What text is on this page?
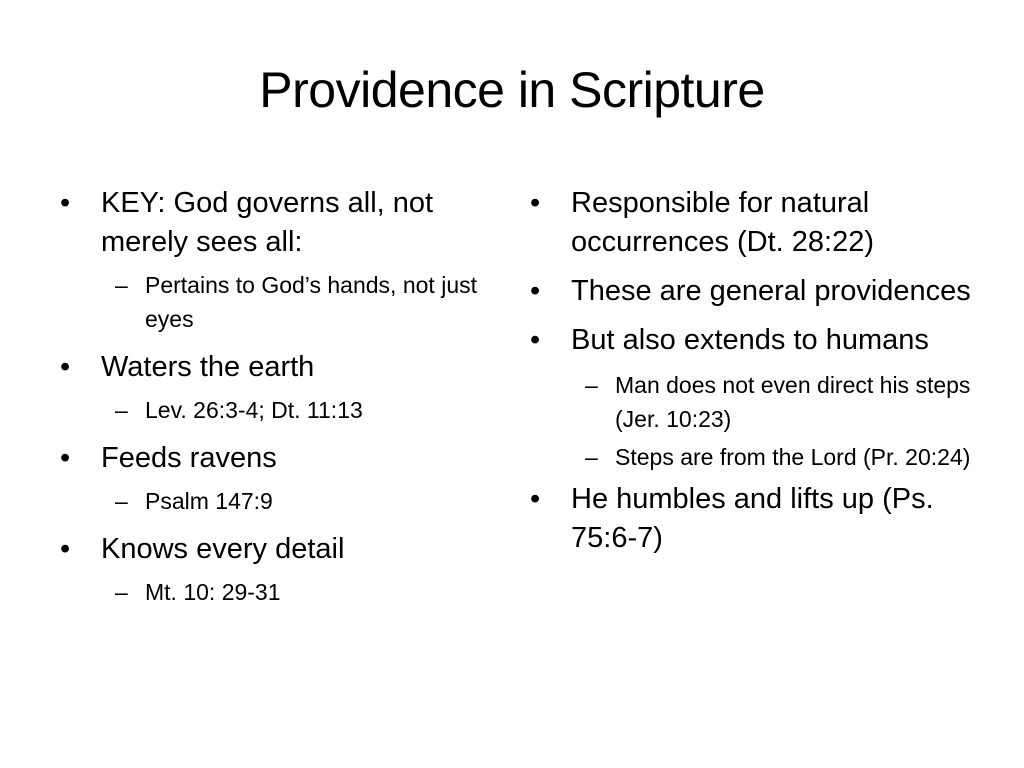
Providence in Scripture
•	KEY: God governs all, not merely sees all:
– Pertains to God’s hands, not just eyes
•	Waters the earth
– Lev. 26:3-4; Dt. 11:13
•	Feeds ravens
– Psalm 147:9
•	Knows every detail
– Mt. 10: 29-31
•	Responsible for natural occurrences (Dt. 28:22)
•	These are general providences
•	But also extends to humans
– Man does not even direct his steps (Jer. 10:23)
– Steps are from the Lord (Pr. 20:24)
•	He humbles and lifts up (Ps. 75:6-7)
